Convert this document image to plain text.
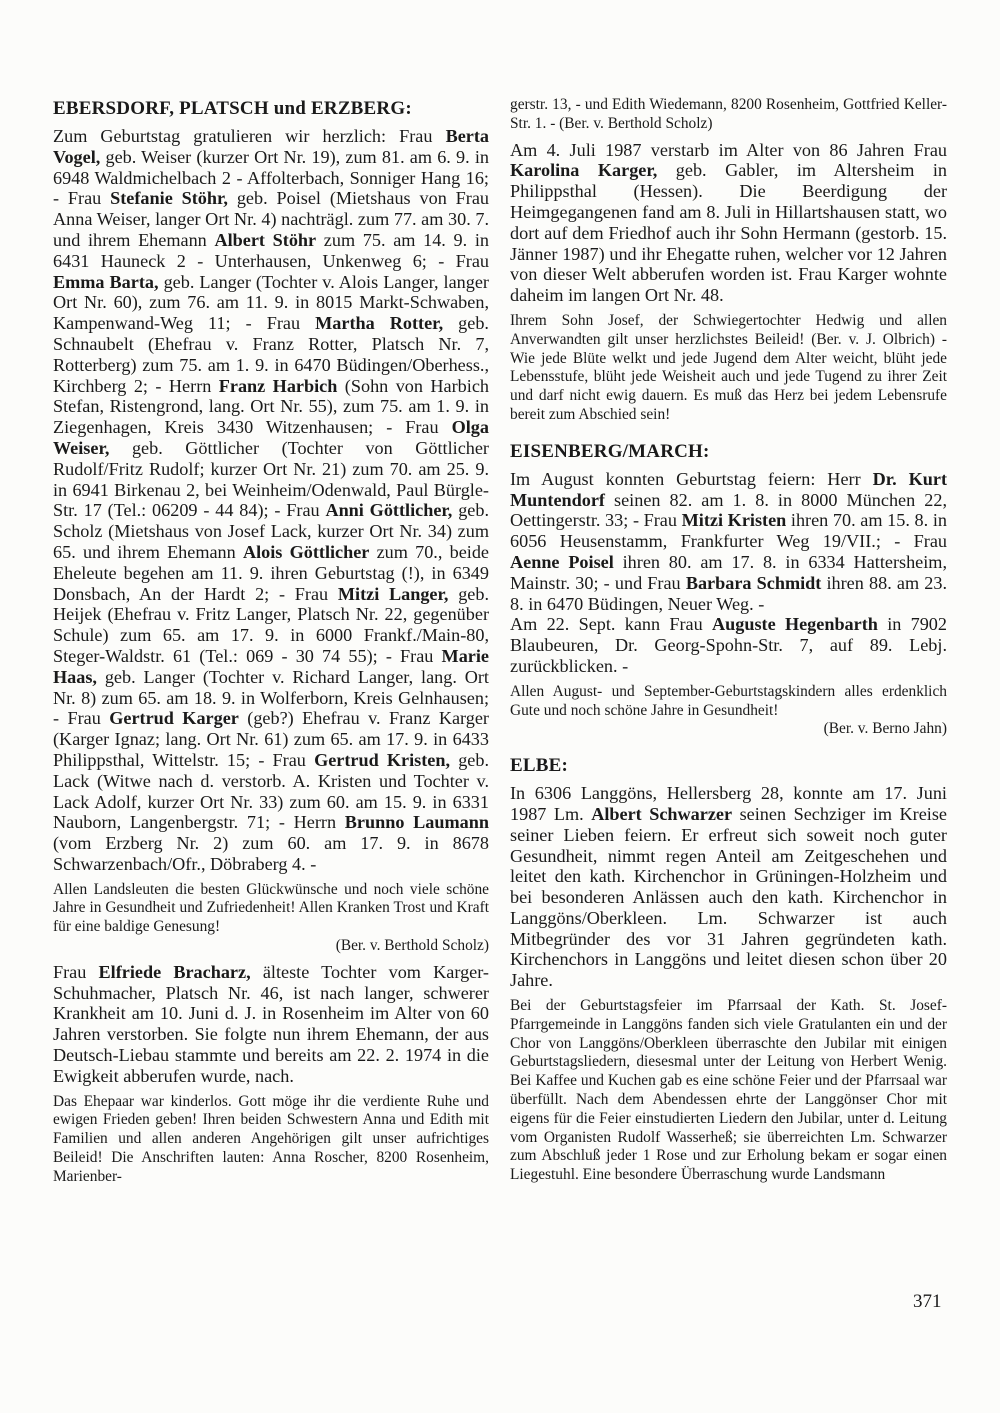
EBERSDORF, PLATSCH und ERZBERG:

Zum Geburtstag gratulieren wir herzlich: Frau Berta Vogel, geb. Weiser (kurzer Ort Nr. 19), zum 81. am 6. 9. in 6948 Waldmichelbach 2 - Affolterbach, Sonniger Hang 16; - Frau Stefanie Stöhr, geb. Poisel (Mietshaus von Frau Anna Weiser, langer Ort Nr. 4) nachträgl. zum 77. am 30. 7. und ihrem Ehemann Albert Stöhr zum 75. am 14. 9. in 6431 Hauneck 2 - Unterhausen, Unkenweg 6; - Frau Emma Barta, geb. Langer (Tochter v. Alois Langer, langer Ort Nr. 60), zum 76. am 11. 9. in 8015 Markt-Schwaben, Kampenwand-Weg 11; - Frau Martha Rotter, geb. Schnaubelt (Ehefrau v. Franz Rotter, Platsch Nr. 7, Rotterberg) zum 75. am 1. 9. in 6470 Büdingen/Oberhess., Kirchberg 2; - Herrn Franz Harbich (Sohn von Harbich Stefan, Ristengrond, lang. Ort Nr. 55), zum 75. am 1. 9. in Ziegenhagen, Kreis 3430 Witzenhausen; - Frau Olga Weiser, geb. Göttlicher (Tochter von Göttlicher Rudolf/Fritz Rudolf; kurzer Ort Nr. 21) zum 70. am 25. 9. in 6941 Birkenau 2, bei Weinheim/Odenwald, Paul Bürgle-Str. 17 (Tel.: 06209 - 44 84); - Frau Anni Göttlicher, geb. Scholz (Mietshaus von Josef Lack, kurzer Ort Nr. 34) zum 65. und ihrem Ehemann Alois Göttlicher zum 70., beide Eheleute begehen am 11. 9. ihren Geburtstag (!), in 6349 Donsbach, An der Hardt 2; - Frau Mitzi Langer, geb. Heijek (Ehefrau v. Fritz Langer, Platsch Nr. 22, gegenüber Schule) zum 65. am 17. 9. in 6000 Frankf./Main-80, Steger-Waldstr. 61 (Tel.: 069 - 30 74 55); - Frau Marie Haas, geb. Langer (Tochter v. Richard Langer, lang. Ort Nr. 8) zum 65. am 18. 9. in Wolferborn, Kreis Gelnhausen; - Frau Gertrud Karger (geb?) Ehefrau v. Franz Karger (Karger Ignaz; lang. Ort Nr. 61) zum 65. am 17. 9. in 6433 Philippsthal, Wittelstr. 15; - Frau Gertrud Kristen, geb. Lack (Witwe nach d. verstorb. A. Kristen und Tochter v. Lack Adolf, kurzer Ort Nr. 33) zum 60. am 15. 9. in 6331 Nauborn, Langenbergstr. 71; - Herrn Brunno Laumann (vom Erzberg Nr. 2) zum 60. am 17. 9. in 8678 Schwarzenbach/Ofr., Döbraberg 4. -

Allen Landsleuten die besten Glückwünsche und noch viele schöne Jahre in Gesundheit und Zufriedenheit! Allen Kranken Trost und Kraft für eine baldige Genesung!

(Ber. v. Berthold Scholz)

Frau Elfriede Bracharz, älteste Tochter vom Karger-Schuhmacher, Platsch Nr. 46, ist nach langer, schwerer Krankheit am 10. Juni d. J. in Rosenheim im Alter von 60 Jahren verstorben. Sie folgte nun ihrem Ehemann, der aus Deutsch-Liebau stammte und bereits am 22. 2. 1974 in die Ewigkeit abberufen wurde, nach.

Das Ehepaar war kinderlos. Gott möge ihr die verdiente Ruhe und ewigen Frieden geben! Ihren beiden Schwestern Anna und Edith mit Familien und allen anderen Angehörigen gilt unser aufrichtiges Beileid! Die Anschriften lauten: Anna Roscher, 8200 Rosenheim, Marienber-

gerstr. 13, - und Edith Wiedemann, 8200 Rosenheim, Gottfried Keller-Str. 1. - (Ber. v. Berthold Scholz)

Am 4. Juli 1987 verstarb im Alter von 86 Jahren Frau Karolina Karger, geb. Gabler, im Altersheim in Philippsthal (Hessen). Die Beerdigung der Heimgegangenen fand am 8. Juli in Hillartshausen statt, wo dort auf dem Friedhof auch ihr Sohn Hermann (gestorb. 15. Jänner 1987) und ihr Ehegatte ruhen, welcher vor 12 Jahren von dieser Welt abberufen worden ist. Frau Karger wohnte daheim im langen Ort Nr. 48.

Ihrem Sohn Josef, der Schwiegertochter Hedwig und allen Anverwandten gilt unser herzlichstes Beileid! (Ber. v. J. Olbrich) - Wie jede Blüte welkt und jede Jugend dem Alter weicht, blüht jede Lebensstufe, blüht jede Weisheit auch und jede Tugend zu ihrer Zeit und darf nicht ewig dauern. Es muß das Herz bei jedem Lebensrufe bereit zum Abschied sein!

EISENBERG/MARCH:

Im August konnten Geburtstag feiern: Herr Dr. Kurt Muntendorf seinen 82. am 1. 8. in 8000 München 22, Oettingerstr. 33; - Frau Mitzi Kristen ihren 70. am 15. 8. in 6056 Heusenstamm, Frankfurter Weg 19/VII.; - Frau Aenne Poisel ihren 80. am 17. 8. in 6334 Hattersheim, Mainstr. 30; - und Frau Barbara Schmidt ihren 88. am 23. 8. in 6470 Büdingen, Neuer Weg. -

Am 22. Sept. kann Frau Auguste Hegenbarth in 7902 Blaubeuren, Dr. Georg-Spohn-Str. 7, auf 89. Lebj. zurückblicken. -

Allen August- und September-Geburtstagskindern alles erdenklich Gute und noch schöne Jahre in Gesundheit!

(Ber. v. Berno Jahn)

ELBE:

In 6306 Langgöns, Hellersberg 28, konnte am 17. Juni 1987 Lm. Albert Schwarzer seinen Sechziger im Kreise seiner Lieben feiern. Er erfreut sich soweit noch guter Gesundheit, nimmt regen Anteil am Zeitgeschehen und leitet den kath. Kirchenchor in Grüningen-Holzheim und bei besonderen Anlässen auch den kath. Kirchenchor in Langgöns/Oberkleen. Lm. Schwarzer ist auch Mitbegründer des vor 31 Jahren gegründeten kath. Kirchenchors in Langgöns und leitet diesen schon über 20 Jahre.

Bei der Geburtstagsfeier im Pfarrsaal der Kath. St. Josef-Pfarrgemeinde in Langgöns fanden sich viele Gratulanten ein und der Chor von Langgöns/Oberkleen überraschte den Jubilar mit einigen Geburtstagsliedern, diesesmal unter der Leitung von Herbert Wenig. Bei Kaffee und Kuchen gab es eine schöne Feier und der Pfarrsaal war überfüllt. Nach dem Abendessen ehrte der Langgönser Chor mit eigens für die Feier einstudierten Liedern den Jubilar, unter d. Leitung vom Organisten Rudolf Wasserheß; sie überreichten Lm. Schwarzer zum Abschluß jeder 1 Rose und zur Erholung bekam er sogar einen Liegestuhl. Eine besondere Überraschung wurde Landsmann

371
